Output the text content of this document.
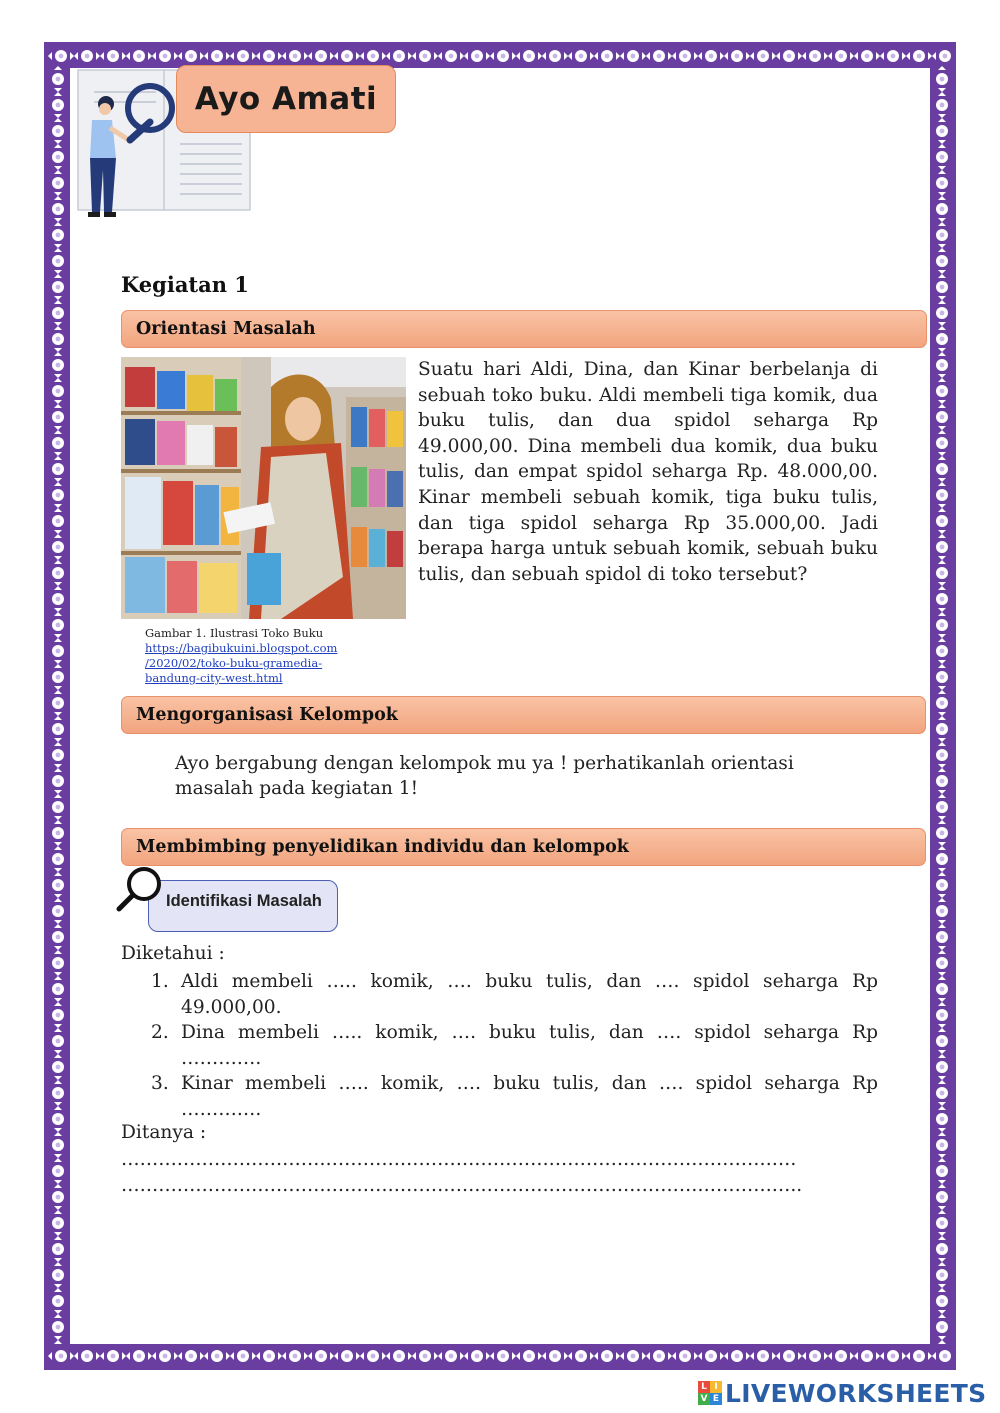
Ayo Amati
Kegiatan 1
Orientasi Masalah
Gambar 1. Ilustrasi Toko Buku
https://bagibukuini.blogspot.com
/2020/02/toko-buku-gramedia-
bandung-city-west.html
Suatu hari Aldi, Dina, dan Kinar berbelanja di sebuah toko buku. Aldi membeli tiga komik, dua buku tulis, dan dua spidol seharga Rp 49.000,00. Dina membeli dua komik, dua buku tulis, dan empat spidol seharga Rp. 48.000,00. Kinar membeli sebuah komik, tiga buku tulis, dan tiga spidol seharga Rp 35.000,00. Jadi berapa harga untuk sebuah komik, sebuah buku tulis, dan sebuah spidol di toko tersebut?
Mengorganisasi Kelompok
Ayo bergabung dengan kelompok mu ya ! perhatikanlah orientasi masalah pada kegiatan 1!
Membimbing penyelidikan individu dan kelompok
Identifikasi Masalah
Diketahui :
1. Aldi membeli ….. komik, …. buku tulis, dan …. spidol seharga Rp
49.000,00.
2. Dina membeli ….. komik, …. buku tulis, dan …. spidol seharga Rp
………….
3. Kinar membeli ….. komik, …. buku tulis, dan …. spidol seharga Rp
………….
Ditanya :
……………………………………………………………………………………………….
………………………………………………………………………………………………..
L I
V E LIVEWORKSHEETS
